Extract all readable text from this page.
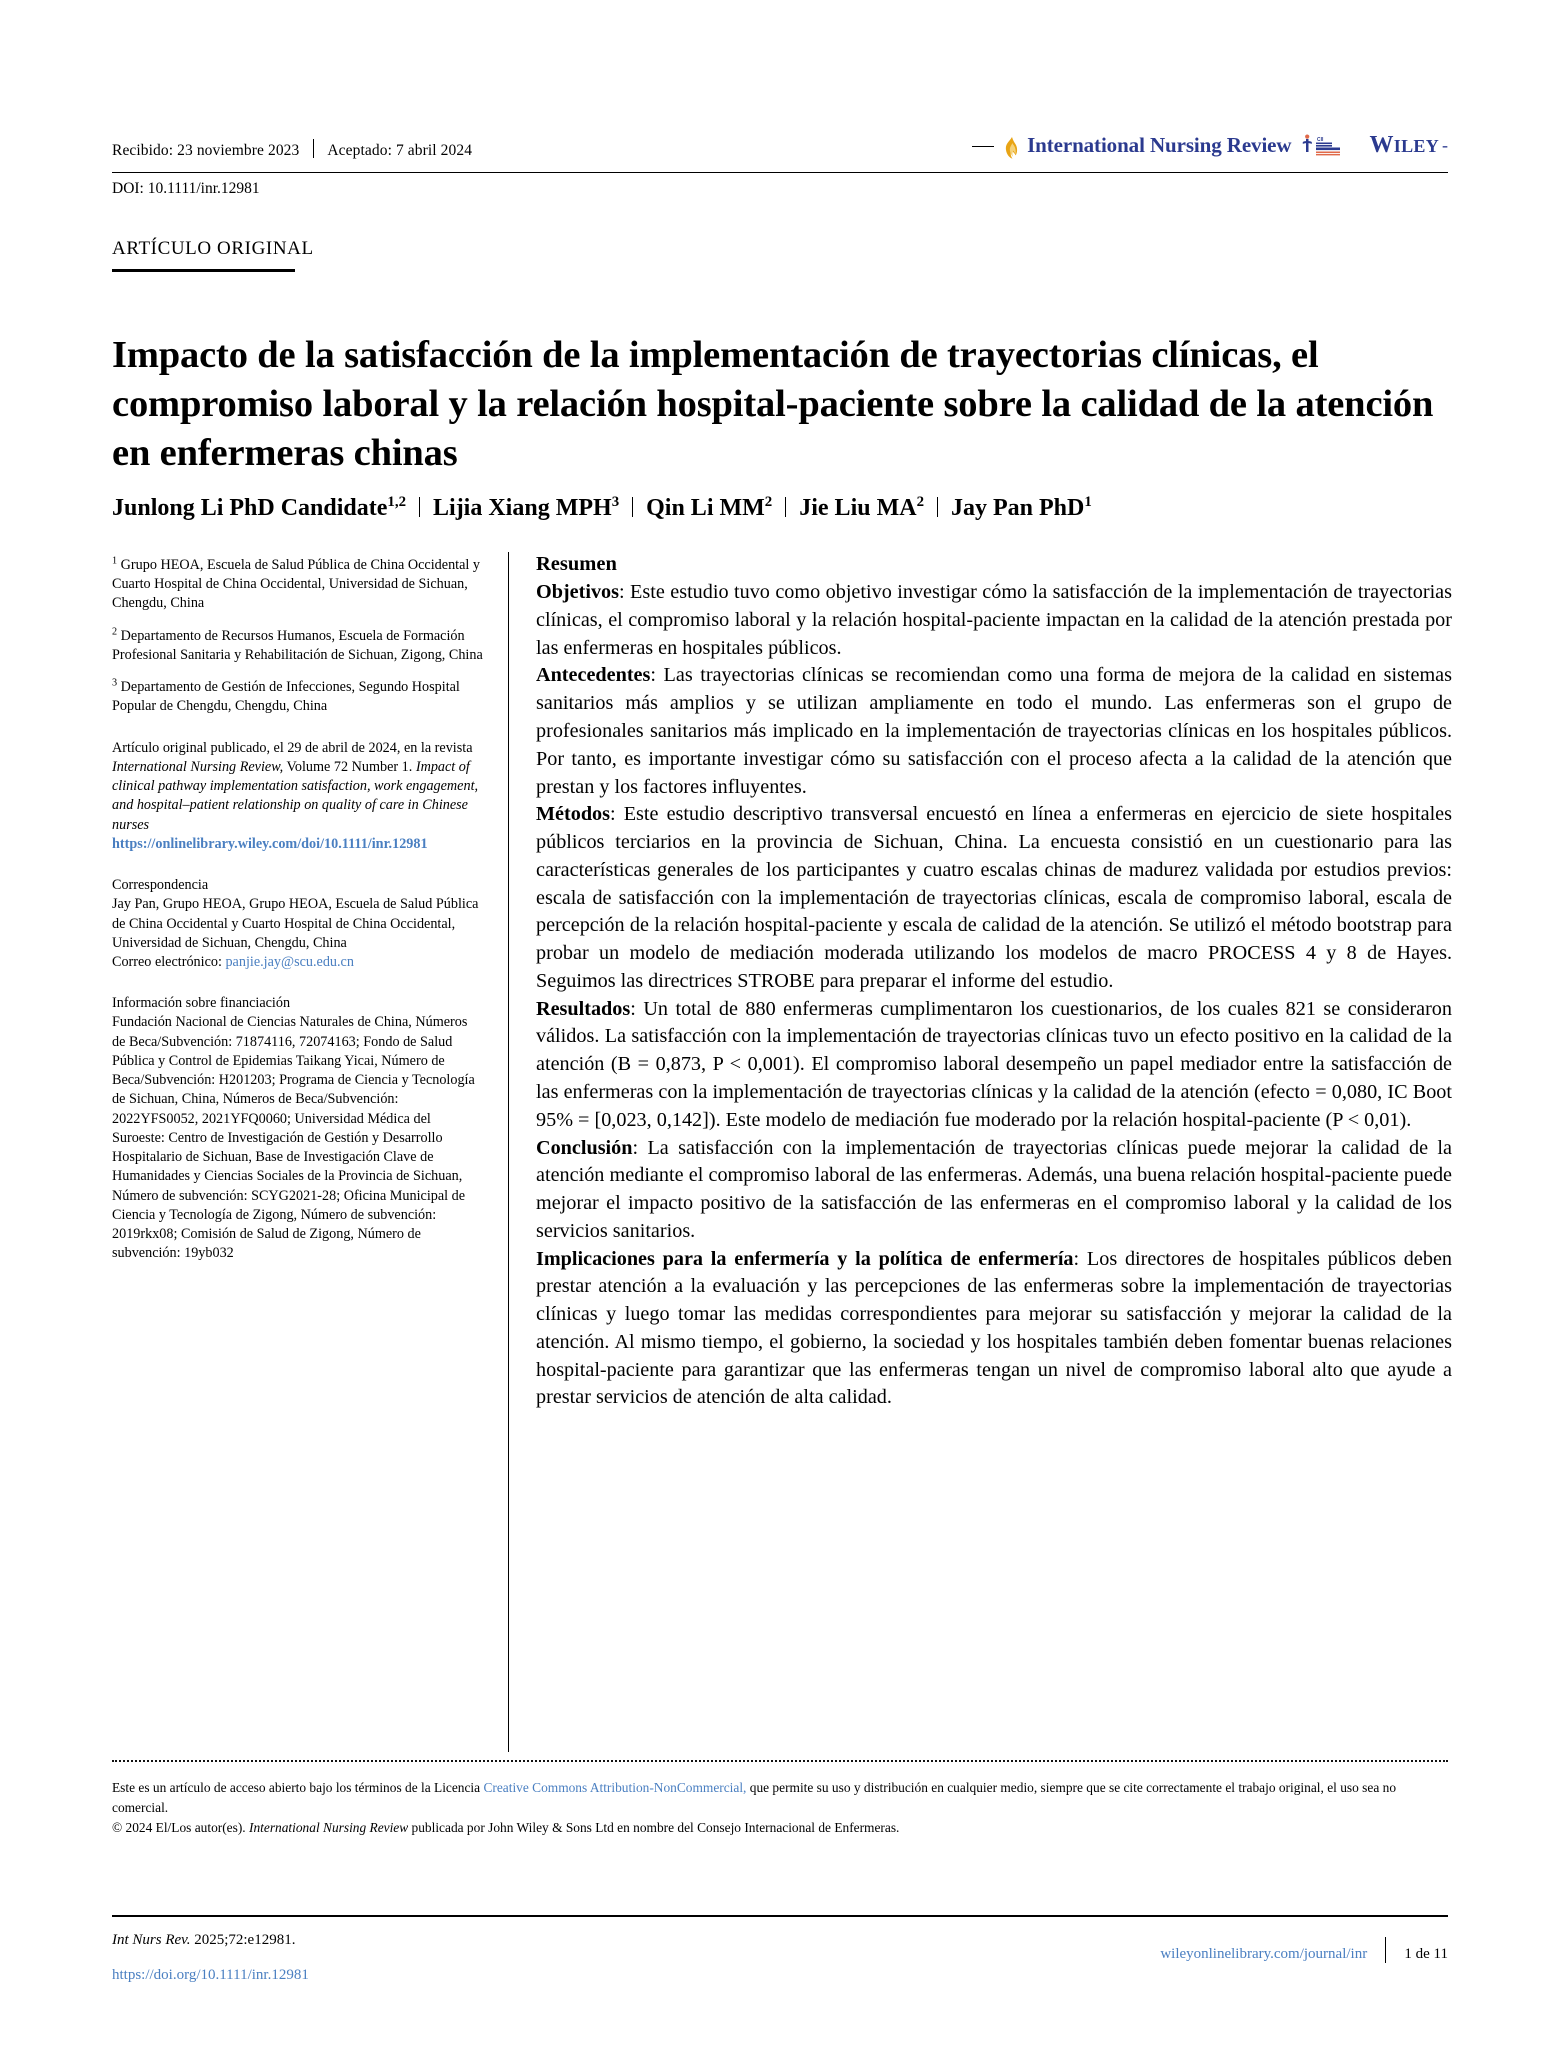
Recibido: 23 noviembre 2023 Aceptado: 7 abril 2024	International Nursing Review	CII WILEY -
DOI: 10.1111/inr.12981
ARTÍCULO ORIGINAL
Impacto de la satisfacción de la implementación de trayectorias clínicas, el compromiso laboral y la relación hospital-paciente sobre la calidad de la atención en enfermeras chinas
Junlong Li PhD Candidate$^{1,2}$ Lijia Xiang MPH$^3$ Qin Li $MM^2$ Jie Liu $MA^2$ Jay Pan PhD$^1$

$^1$ Grupo HEOA, Escuela de Salud Pública de China Occidental y Cuarto Hospital de China Occidental, Universidad de Sichuan, Chengdu, China

$^2$ Departamento de Recursos Humanos, Escuela de Formación Profesional Sanitaria y Rehabilitación de Sichuan, Zigong, China

$^3$ Departamento de Gestión de Infecciones, Segundo Hospital Popular de Chengdu, Chengdu, China

Artículo original publicado, el 29 de abril de 2024, en la revista International Nursing Review, Volume 72 Number 1. Impact of clinical pathway implementation satisfaction, work engagement, and hospital–patient relationship on quality of care in Chinese nurses
https://onlinelibrary.wiley.com/doi/10.1111/inr.12981

Correspondencia
Jay Pan, Grupo HEOA, Grupo HEOA, Escuela de Salud Pública de China Occidental y Cuarto Hospital de China Occidental, Universidad de Sichuan, Chengdu, China
Correo electrónico: panjie.jay@scu.edu.cn

Información sobre financiación
Fundación Nacional de Ciencias Naturales de China, Números de Beca/Subvención: 71874116, 72074163; Fondo de Salud Pública y Control de Epidemias Taikang Yicai, Número de Beca/Subvención: H201203; Programa de Ciencia y Tecnología de Sichuan, China, Números de Beca/Subvención: 2022YFS0052, 2021YFQ0060; Universidad Médica del Suroeste: Centro de Investigación de Gestión y Desarrollo Hospitalario de Sichuan, Base de Investigación Clave de Humanidades y Ciencias Sociales de la Provincia de Sichuan, Número de subvención: SCYG2021-28; Oficina Municipal de Ciencia y Tecnología de Zigong, Número de subvención: 2019rkx08; Comisión de Salud de Zigong, Número de subvención: 19yb032

Resumen

Objetivos: Este estudio tuvo como objetivo investigar cómo la satisfacción de la implementación de trayectorias clínicas, el compromiso laboral y la relación hospital-paciente impactan en la calidad de la atención prestada por las enfermeras en hospitales públicos.

Antecedentes: Las trayectorias clínicas se recomiendan como una forma de mejora de la calidad en sistemas sanitarios más amplios y se utilizan ampliamente en todo el mundo. Las enfermeras son el grupo de profesionales sanitarios más implicado en la implementación de trayectorias clínicas en los hospitales públicos. Por tanto, es importante investigar cómo su satisfacción con el proceso afecta a la calidad de la atención que prestan y los factores influyentes.

Métodos: Este estudio descriptivo transversal encuestó en línea a enfermeras en ejercicio de siete hospitales públicos terciarios en la provincia de Sichuan, China. La encuesta consistió en un cuestionario para las características generales de los participantes y cuatro escalas chinas de madurez validada por estudios previos: escala de satisfacción con la implementación de trayectorias clínicas, escala de compromiso laboral, escala de percepción de la relación hospital-paciente y escala de calidad de la atención. Se utilizó el método bootstrap para probar un modelo de mediación moderada utilizando los modelos de macro PROCESS 4 y 8 de Hayes. Seguimos las directrices STROBE para preparar el informe del estudio.

Resultados: Un total de 880 enfermeras cumplimentaron los cuestionarios, de los cuales 821 se consideraron válidos. La satisfacción con la implementación de trayectorias clínicas tuvo un efecto positivo en la calidad de la atención (B = 0,873, P < 0,001). El compromiso laboral desempeño un papel mediador entre la satisfacción de las enfermeras con la implementación de trayectorias clínicas y la calidad de la atención (efecto = 0,080, IC Boot 95% = [0,023, 0,142]). Este modelo de mediación fue moderado por la relación hospital-paciente (P < 0,01).

Conclusión: La satisfacción con la implementación de trayectorias clínicas puede mejorar la calidad de la atención mediante el compromiso laboral de las enfermeras. Además, una buena relación hospital-paciente puede mejorar el impacto positivo de la satisfacción de las enfermeras en el compromiso laboral y la calidad de los servicios sanitarios.

Implicaciones para la enfermería y la política de enfermería: Los directores de hospitales públicos deben prestar atención a la evaluación y las percepciones de las enfermeras sobre la implementación de trayectorias clínicas y luego tomar las medidas correspondientes para mejorar su satisfacción y mejorar la calidad de la atención. Al mismo tiempo, el gobierno, la sociedad y los hospitales también deben fomentar buenas relaciones hospital-paciente para garantizar que las enfermeras tengan un nivel de compromiso laboral alto que ayude a prestar servicios de atención de alta calidad.

Este es un artículo de acceso abierto bajo los términos de la Licencia Creative Commons Attribution-NonCommercial, que permite su uso y distribución en cualquier medio, siempre que se cite correctamente el trabajo original, el uso sea no comercial.

© 2024 El/Los autor(es). International Nursing Review publicada por John Wiley & Sons Ltd en nombre del Consejo Internacional de Enfermeras.

Int Nurs Rev. 2025;72:e12981.
https://doi.org/10.1111/inr.12981
wileyonlinelibrary.com/journal/inr 1 de 11
